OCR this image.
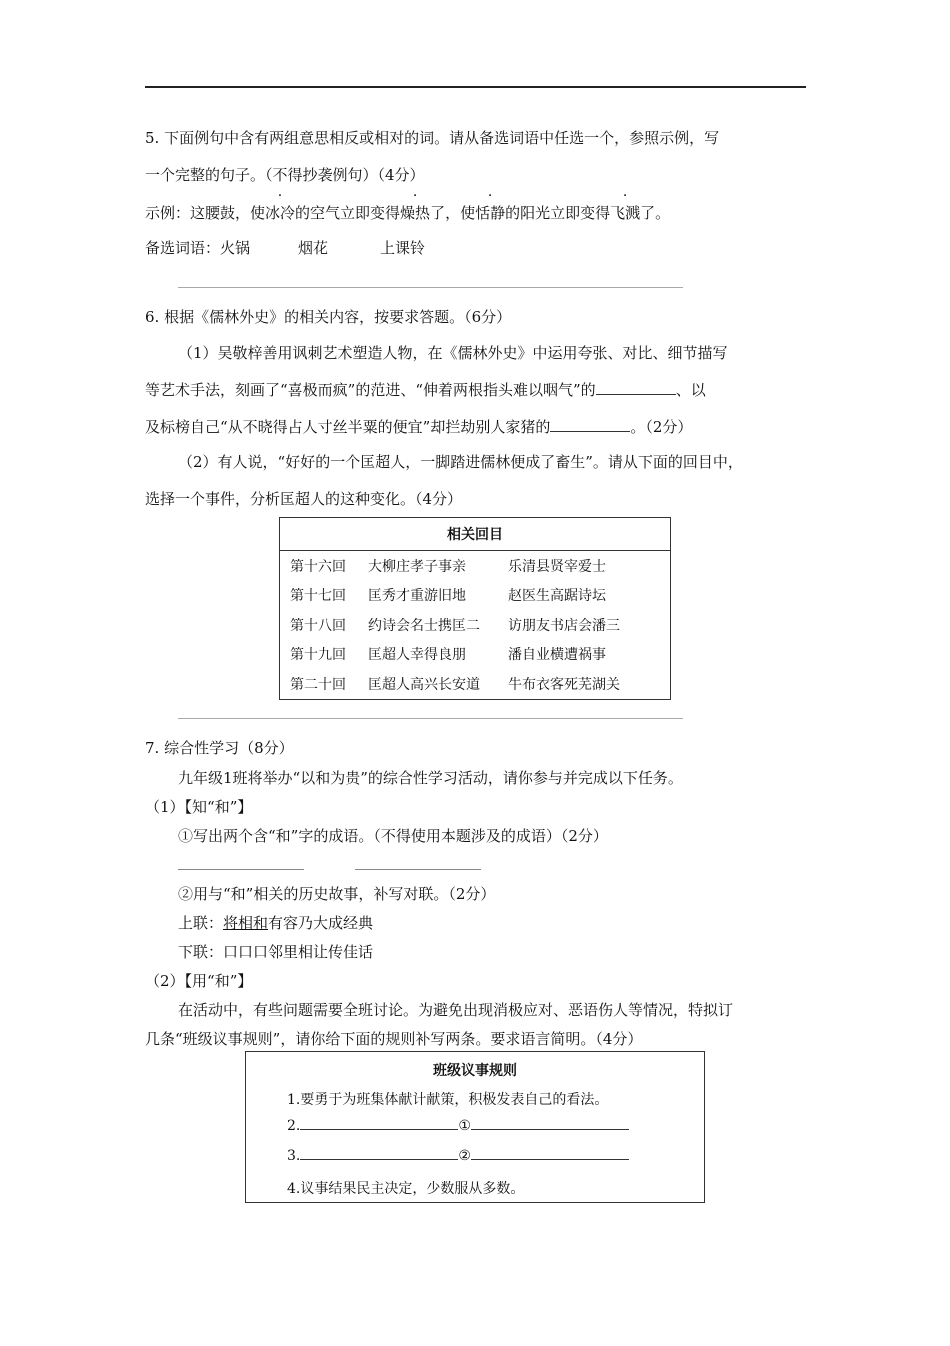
5. 下面例句中含有两组意思相反或相对的词。请从备选词语中任选一个，参照示例，写
一个完整的句子。（不得抄袭例句）（4分）
示例：这腰鼓，使冰冷的空气立即变得燥热了，使恬静的阳光立即变得飞溅了。
备选词语：火锅	烟花	上课铃
6. 根据《儒林外史》的相关内容，按要求答题。（6分）
（1）吴敬梓善用讽刺艺术塑造人物，在《儒林外史》中运用夸张、对比、细节描写
等艺术手法，刻画了“喜极而疯”的范进、“伸着两根指头难以咽气”的	、以
及标榜自己“从不晓得占人寸丝半粟的便宜”却拦劫别人家猪的	。（2分）
（2）有人说，“好好的一个匡超人，一脚踏进儒林便成了畜生”。请从下面的回目中，
选择一个事件，分析匡超人的这种变化。（4分）
相关回目		
第十六回	大柳庄孝子事亲	乐清县贤宰爱士
第十七回	匡秀才重游旧地	赵医生高踞诗坛
第十八回	约诗会名士携匡二	访朋友书店会潘三
第十九回	匡超人幸得良朋	潘自业横遭祸事
第二十回	匡超人高兴长安道	牛布衣客死芜湖关
7. 综合性学习（8分）
九年级1班将举办“以和为贵”的综合性学习活动，请你参与并完成以下任务。
（1）【知“和”】
①写出两个含“和”字的成语。（不得使用本题涉及的成语）（2分）
②用与“和”相关的历史故事，补写对联。（2分）
上联：将相和有容乃大成经典
下联：口口口邻里相让传佳话
（2）【用“和”】
在活动中，有些问题需要全班讨论。为避免出现消极应对、恶语伤人等情况，特拟订
几条“班级议事规则”，请你给下面的规则补写两条。要求语言简明。（4分）
班级议事规则
1.要勇于为班集体献计献策，积极发表自己的看法。
2.	①
3.	②
4.议事结果民主决定，少数服从多数。
